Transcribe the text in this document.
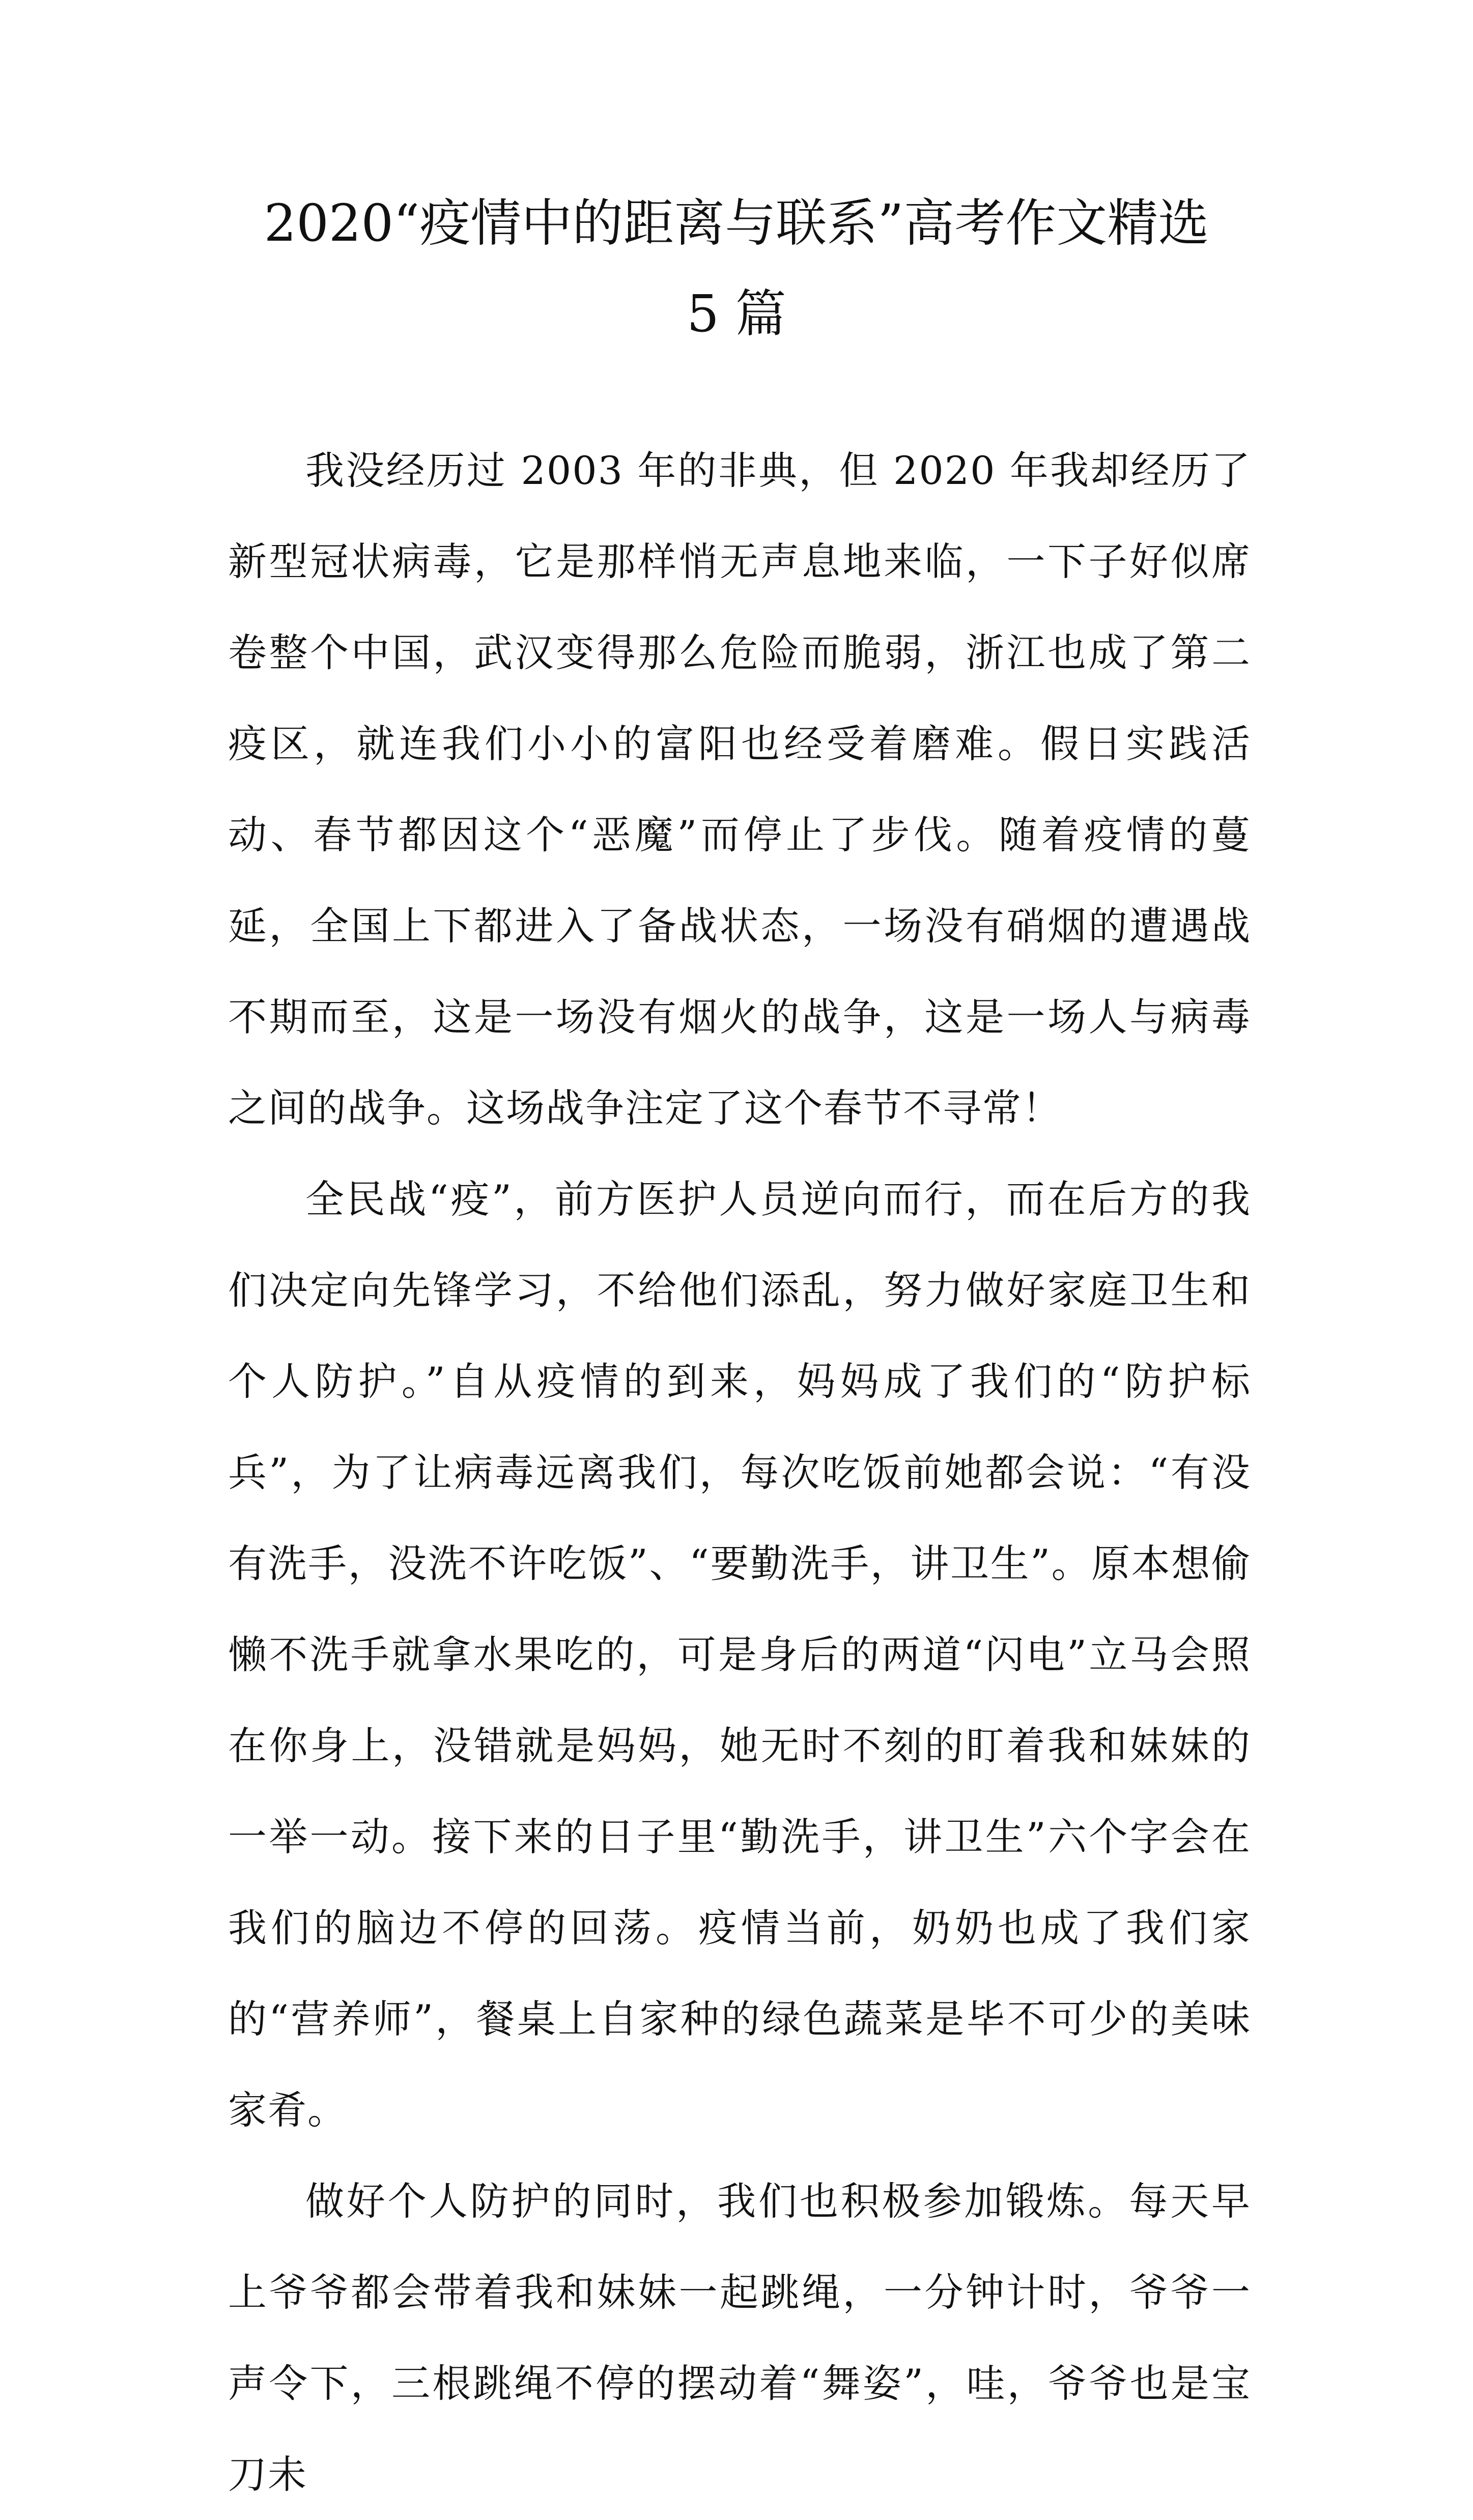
2020“疫情中的距离与联系”高考作文精选
5 篇

我没经历过 2003 年的非典，但 2020 年我却经历了新型冠状病毒，它是那样悄无声息地来临，一下子好似席卷整个中国，武汉变得那么危险而脆弱，浙江也成了第二疫区，就连我们小小的富阳也经受着磨难。假日实践活动、春节都因这个“恶魔”而停止了步伐。随着疫情的蔓延，全国上下都进入了备战状态，一场没有硝烟的遭遇战不期而至，这是一场没有烟火的战争，这是一场人与病毒之间的战争。这场战争注定了这个春节不寻常！

全民战“疫”，前方医护人员逆向而行，而在后方的我们决定向先锋学习，不给他们添乱，努力做好家庭卫生和个人防护。”自从疫情的到来，妈妈成了我们的“防护标兵”，为了让病毒远离我们，每次吃饭前她都会说：“有没有洗手，没洗不许吃饭”、“要勤洗手，讲卫生”。原本想偷懒不洗手就拿水果吃的，可是身后的两道“闪电”立马会照在你身上，没错就是妈妈，她无时不刻的盯着我和妹妹的一举一动。接下来的日子里“勤洗手，讲卫生”六个字会在我们的脑边不停的回荡。疫情当前，奶奶也成了我们家的“营养师”，餐桌上自家种的绿色蔬菜是毕不可少的美味家肴。

做好个人防护的同时，我们也积极参加锻炼。每天早上爷爷都会带着我和妹妹一起跳绳，一分钟计时，爷爷一声令下，三根跳绳不停的摆动着“舞姿”，哇，爷爷也是宝刀未
